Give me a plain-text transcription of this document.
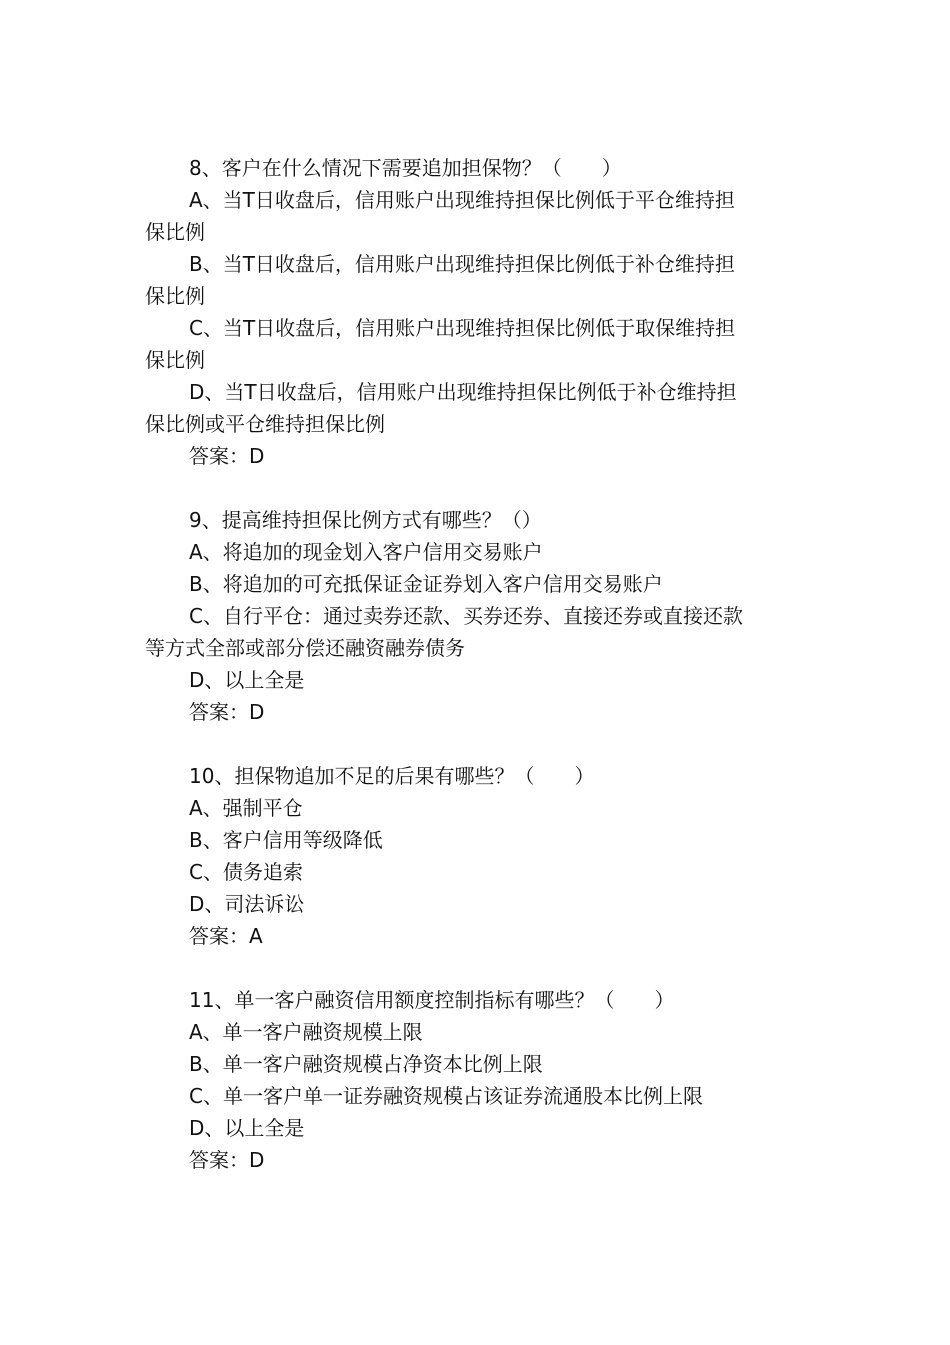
8、客户在什么情况下需要追加担保物？（　　）

A、当T日收盘后，信用账户出现维持担保比例低于平仓维持担

保比例

B、当T日收盘后，信用账户出现维持担保比例低于补仓维持担

保比例

C、当T日收盘后，信用账户出现维持担保比例低于取保维持担

保比例

D、当T日收盘后，信用账户出现维持担保比例低于补仓维持担

保比例或平仓维持担保比例

答案：D

9、提高维持担保比例方式有哪些？（）

A、将追加的现金划入客户信用交易账户

B、将追加的可充抵保证金证券划入客户信用交易账户

C、自行平仓：通过卖券还款、买券还券、直接还券或直接还款

等方式全部或部分偿还融资融券债务

D、以上全是

答案：D

10、担保物追加不足的后果有哪些？（　　）

A、强制平仓

B、客户信用等级降低

C、债务追索

D、司法诉讼

答案：A

11、单一客户融资信用额度控制指标有哪些？（　　）

A、单一客户融资规模上限

B、单一客户融资规模占净资本比例上限

C、单一客户单一证券融资规模占该证券流通股本比例上限

D、以上全是

答案：D
